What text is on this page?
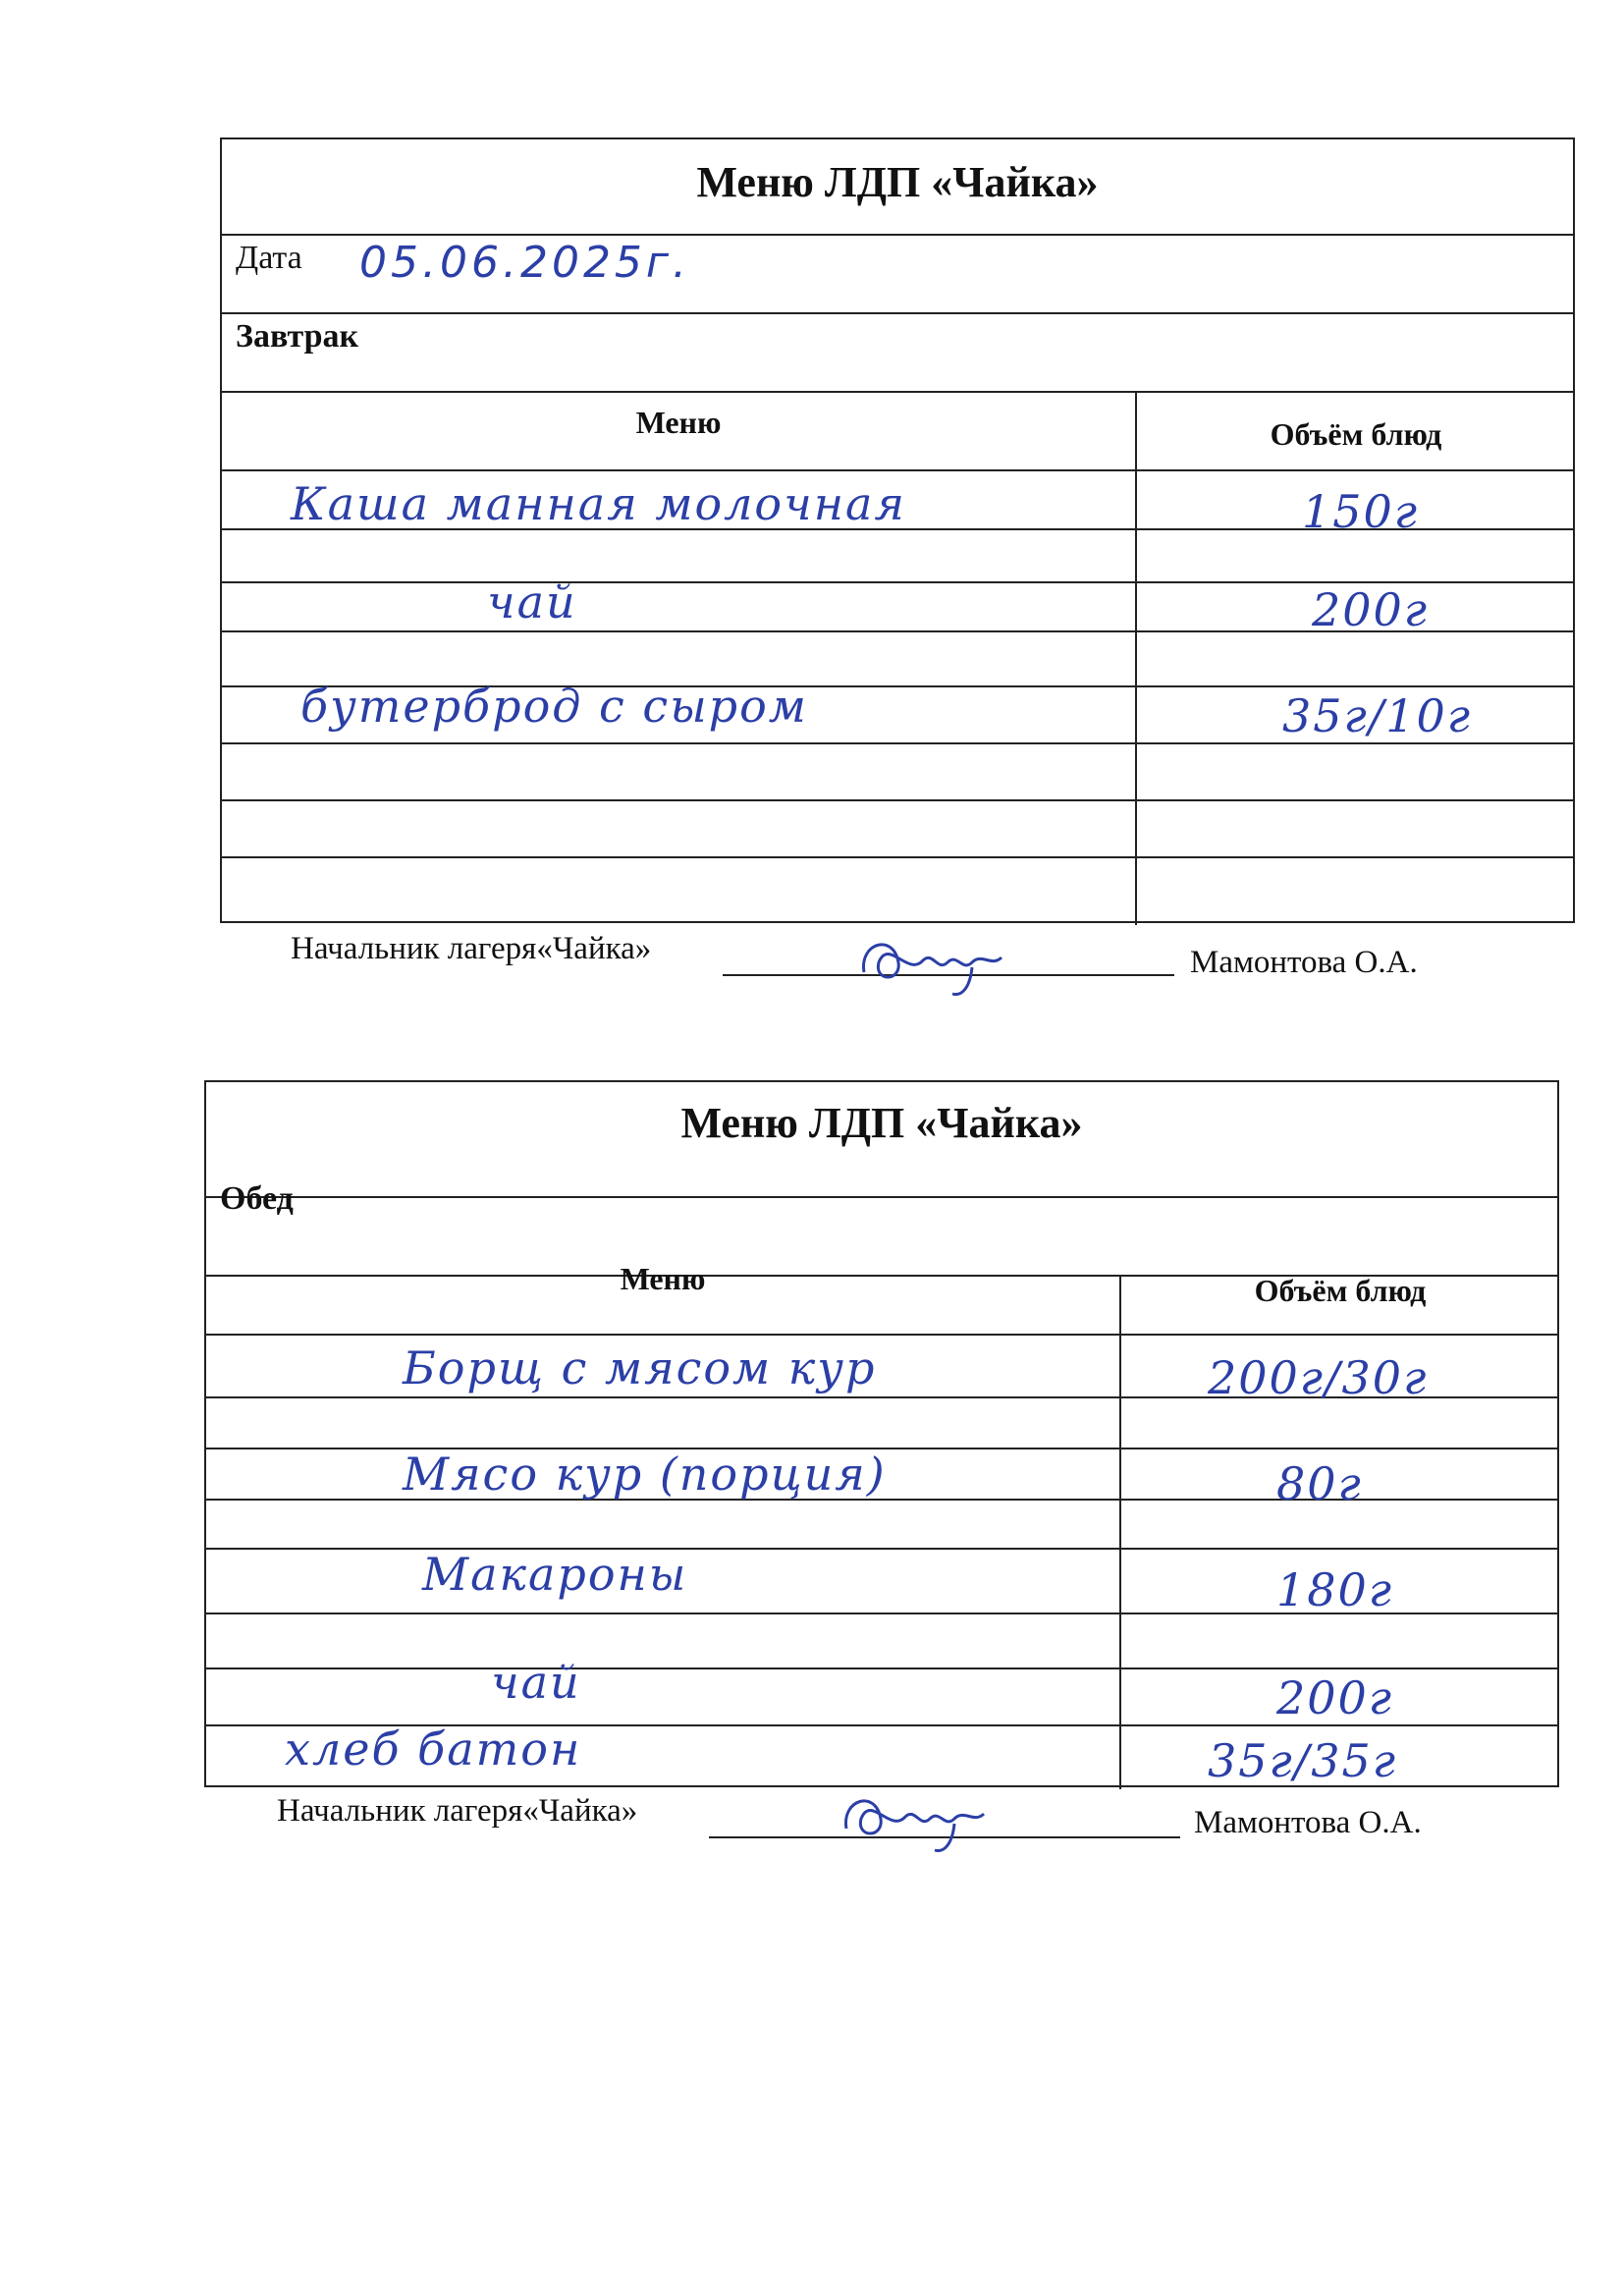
Меню ЛДП «Чайка»
Дата 05.06.2025г.
Завтрак
Меню	Объём блюд
Каша манная молочная	150г
чай	200г
бутерброд с сыром	35г/10г
Начальник лагеря«Чайка»	Мамонтова О.А.
Меню ЛДП «Чайка»
Обед
Меню	Объём блюд
Борщ с мясом кур	200г/30г
Мясо кур (порция)	80г
Макароны	180г
чай	200г
хлеб батон	35г/35г
Начальник лагеря«Чайка»	Мамонтова О.А.
